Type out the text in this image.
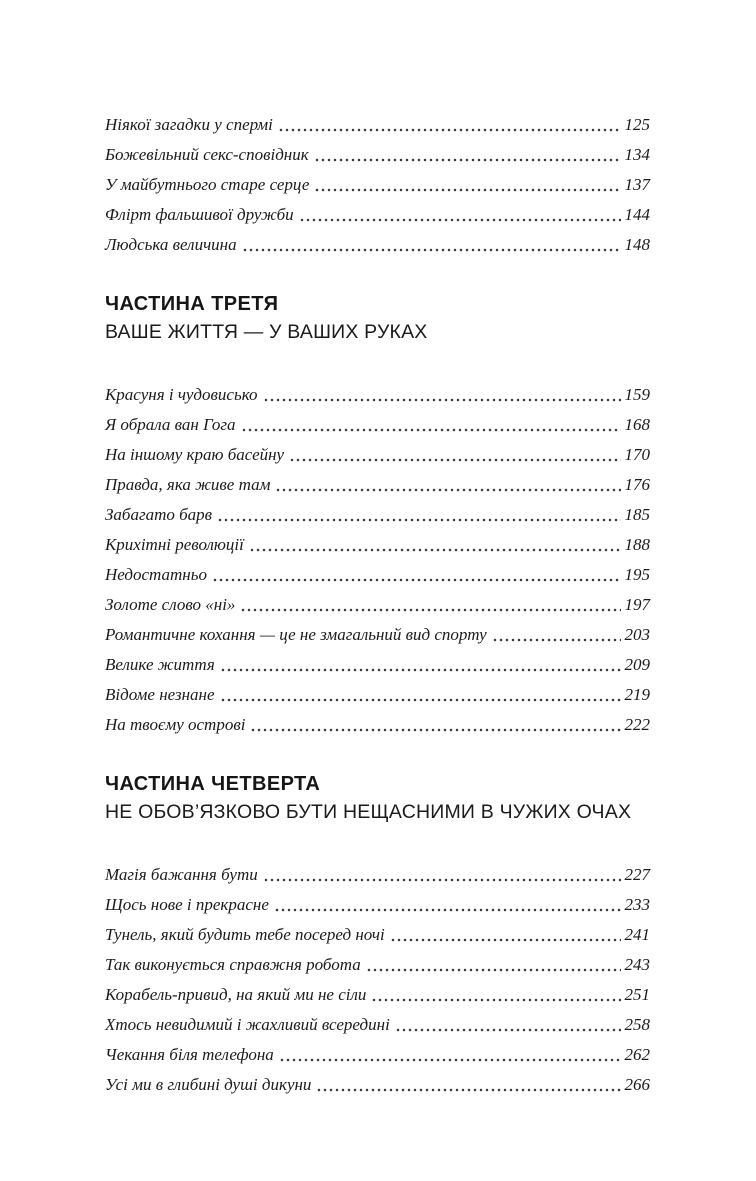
Ніякої загадки у спермі	125
Божевільний секс-сповідник	134
У майбутнього старе серце	137
Флірт фальшивої дружби	144
Людська величина	148
ЧАСТИНА ТРЕТЯ
ВАШЕ ЖИТТЯ — У ВАШИХ РУКАХ
Красуня і чудовисько	159
Я обрала ван Гога	168
На іншому краю басейну	170
Правда, яка живе там	176
Забагато барв	185
Крихітні революції	188
Недостатньо	195
Золоте слово «ні»	197
Романтичне кохання — це не змагальний вид спорту	203
Велике життя	209
Відоме незнане	219
На твоєму острові	222
ЧАСТИНА ЧЕТВЕРТА
НЕ ОБОВ’ЯЗКОВО БУТИ НЕЩАСНИМИ В ЧУЖИХ ОЧАХ
Магія бажання бути	227
Щось нове і прекрасне	233
Тунель, який будить тебе посеред ночі	241
Так виконується справжня робота	243
Корабель-привид, на який ми не сіли	251
Хтось невидимий і жахливий всередині	258
Чекання біля телефона	262
Усі ми в глибині душі дикуни	266
